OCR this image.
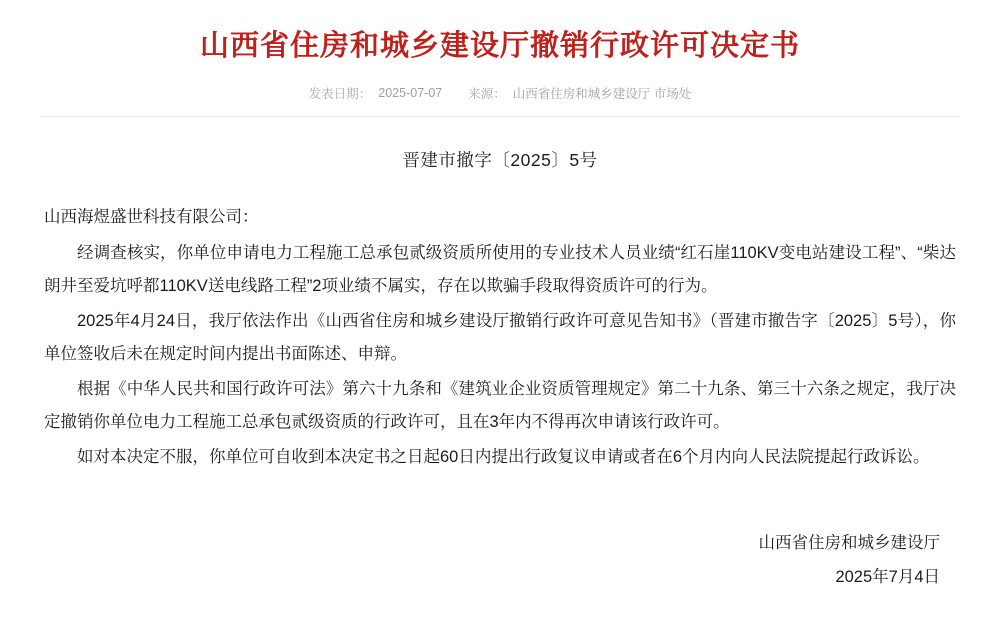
山西省住房和城乡建设厅撤销行政许可决定书
发表日期： 2025-07-07 来源： 山西省住房和城乡建设厅 市场处
晋建市撤字〔2025〕5号
山西海煜盛世科技有限公司：

经调查核实，你单位申请电力工程施工总承包贰级资质所使用的专业技术人员业绩“红石崖110KV变电站建设工程”、“柴达朗井至爱坑呼都110KV送电线路工程”2项业绩不属实，存在以欺骗手段取得资质许可的行为。

2025年4月24日，我厅依法作出《山西省住房和城乡建设厅撤销行政许可意见告知书》（晋建市撤告字〔2025〕5号），你单位签收后未在规定时间内提出书面陈述、申辩。

根据《中华人民共和国行政许可法》第六十九条和《建筑业企业资质管理规定》第二十九条、第三十六条之规定，我厅决定撤销你单位电力工程施工总承包贰级资质的行政许可，且在3年内不得再次申请该行政许可。

如对本决定不服，你单位可自收到本决定书之日起60日内提出行政复议申请或者在6个月内向人民法院提起行政诉讼。

山西省住房和城乡建设厅
2025年7月4日
